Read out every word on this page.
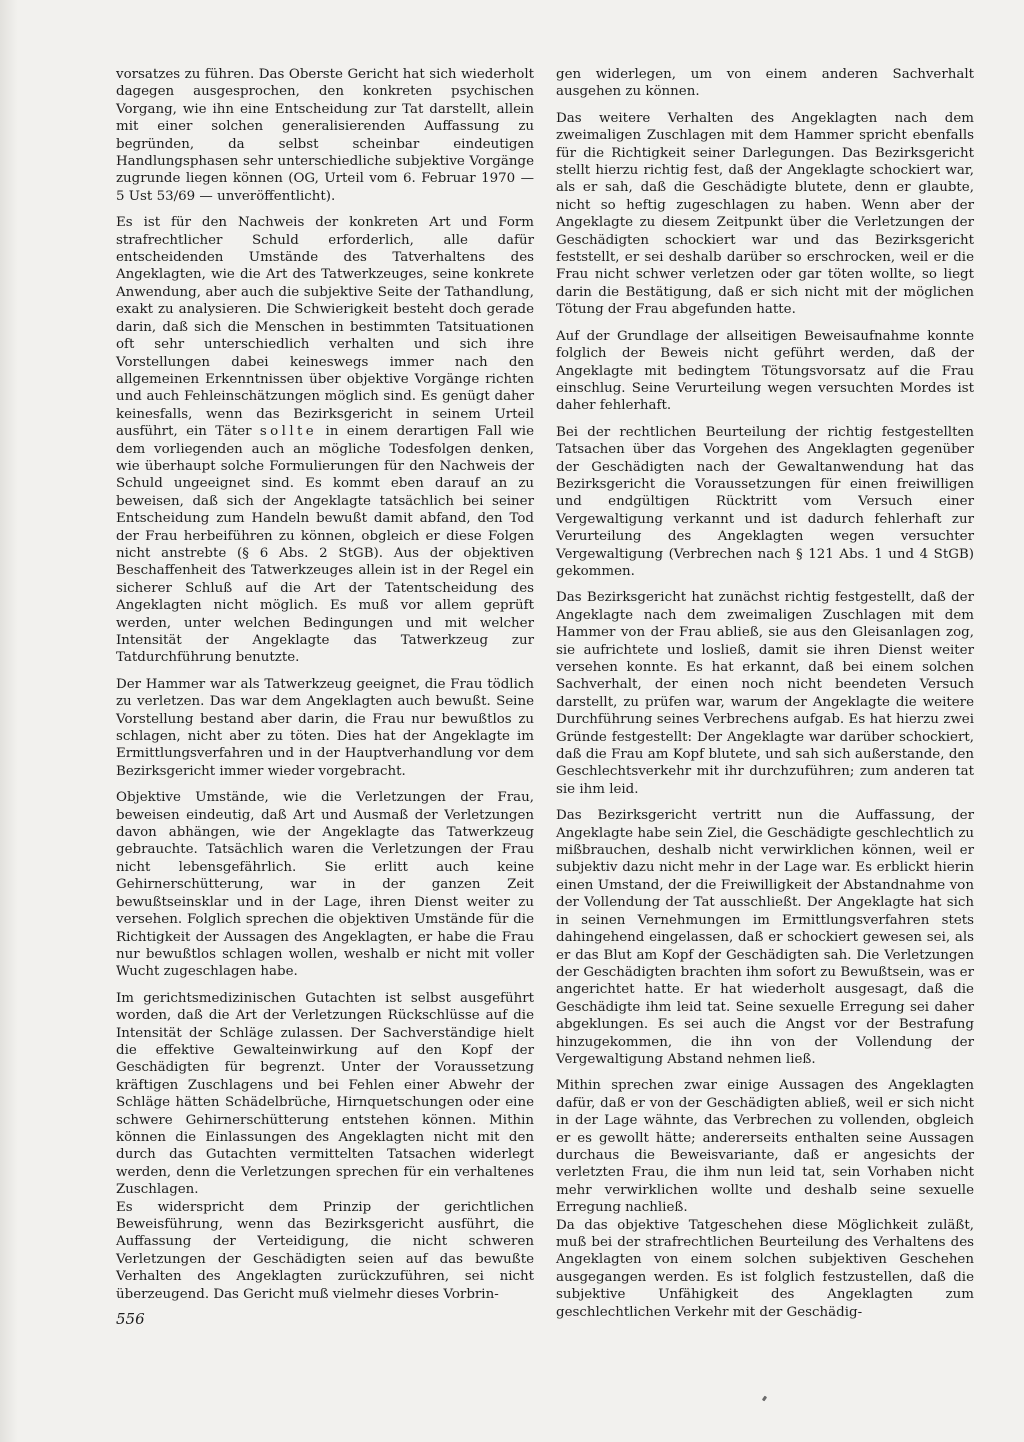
vorsatzes zu führen. Das Oberste Gericht hat sich wiederholt dagegen ausgesprochen, den konkreten psychischen Vorgang, wie ihn eine Entscheidung zur Tat darstellt, allein mit einer solchen generalisierenden Auffassung zu begründen, da selbst scheinbar eindeutigen Handlungsphasen sehr unterschiedliche subjektive Vorgänge zugrunde liegen können (OG, Urteil vom 6. Februar 1970 — 5 Ust 53/69 — unveröffentlicht).

Es ist für den Nachweis der konkreten Art und Form strafrechtlicher Schuld erforderlich, alle dafür entscheidenden Umstände des Tatverhaltens des Angeklagten, wie die Art des Tatwerkzeuges, seine konkrete Anwendung, aber auch die subjektive Seite der Tathandlung, exakt zu analysieren. Die Schwierigkeit besteht doch gerade darin, daß sich die Menschen in bestimmten Tatsituationen oft sehr unterschiedlich verhalten und sich ihre Vorstellungen dabei keineswegs immer nach den allgemeinen Erkenntnissen über objektive Vorgänge richten und auch Fehleinschätzungen möglich sind. Es genügt daher keinesfalls, wenn das Bezirksgericht in seinem Urteil ausführt, ein Täter sollte in einem derartigen Fall wie dem vorliegenden auch an mögliche Todesfolgen denken, wie überhaupt solche Formulierungen für den Nachweis der Schuld ungeeignet sind. Es kommt eben darauf an zu beweisen, daß sich der Angeklagte tatsächlich bei seiner Entscheidung zum Handeln bewußt damit abfand, den Tod der Frau herbeiführen zu können, obgleich er diese Folgen nicht anstrebte (§ 6 Abs. 2 StGB). Aus der objektiven Beschaffenheit des Tatwerkzeuges allein ist in der Regel ein sicherer Schluß auf die Art der Tatentscheidung des Angeklagten nicht möglich. Es muß vor allem geprüft werden, unter welchen Bedingungen und mit welcher Intensität der Angeklagte das Tatwerkzeug zur Tatdurchführung benutzte.

Der Hammer war als Tatwerkzeug geeignet, die Frau tödlich zu verletzen. Das war dem Angeklagten auch bewußt. Seine Vorstellung bestand aber darin, die Frau nur bewußtlos zu schlagen, nicht aber zu töten. Dies hat der Angeklagte im Ermittlungsverfahren und in der Hauptverhandlung vor dem Bezirksgericht immer wieder vorgebracht.

Objektive Umstände, wie die Verletzungen der Frau, beweisen eindeutig, daß Art und Ausmaß der Verletzungen davon abhängen, wie der Angeklagte das Tatwerkzeug gebrauchte. Tatsächlich waren die Verletzungen der Frau nicht lebensgefährlich. Sie erlitt auch keine Gehirnerschütterung, war in der ganzen Zeit bewußtseinsklar und in der Lage, ihren Dienst weiter zu versehen. Folglich sprechen die objektiven Umstände für die Richtigkeit der Aussagen des Angeklagten, er habe die Frau nur bewußtlos schlagen wollen, weshalb er nicht mit voller Wucht zugeschlagen habe.

Im gerichtsmedizinischen Gutachten ist selbst ausgeführt worden, daß die Art der Verletzungen Rückschlüsse auf die Intensität der Schläge zulassen. Der Sachverständige hielt die effektive Gewalteinwirkung auf den Kopf der Geschädigten für begrenzt. Unter der Voraussetzung kräftigen Zuschlagens und bei Fehlen einer Abwehr der Schläge hätten Schädelbrüche, Hirnquetschungen oder eine schwere Gehirnerschütterung entstehen können. Mithin können die Einlassungen des Angeklagten nicht mit den durch das Gutachten vermittelten Tatsachen widerlegt werden, denn die Verletzungen sprechen für ein verhaltenes Zuschlagen.

Es widerspricht dem Prinzip der gerichtlichen Beweisführung, wenn das Bezirksgericht ausführt, die Auffassung der Verteidigung, die nicht schweren Verletzungen der Geschädigten seien auf das bewußte Verhalten des Angeklagten zurückzuführen, sei nicht überzeugend. Das Gericht muß vielmehr dieses Vorbrin-

gen widerlegen, um von einem anderen Sachverhalt ausgehen zu können.

Das weitere Verhalten des Angeklagten nach dem zweimaligen Zuschlagen mit dem Hammer spricht ebenfalls für die Richtigkeit seiner Darlegungen. Das Bezirksgericht stellt hierzu richtig fest, daß der Angeklagte schockiert war, als er sah, daß die Geschädigte blutete, denn er glaubte, nicht so heftig zugeschlagen zu haben. Wenn aber der Angeklagte zu diesem Zeitpunkt über die Verletzungen der Geschädigten schockiert war und das Bezirksgericht feststellt, er sei deshalb darüber so erschrocken, weil er die Frau nicht schwer verletzen oder gar töten wollte, so liegt darin die Bestätigung, daß er sich nicht mit der möglichen Tötung der Frau abgefunden hatte.

Auf der Grundlage der allseitigen Beweisaufnahme konnte folglich der Beweis nicht geführt werden, daß der Angeklagte mit bedingtem Tötungsvorsatz auf die Frau einschlug. Seine Verurteilung wegen versuchten Mordes ist daher fehlerhaft.

Bei der rechtlichen Beurteilung der richtig festgestellten Tatsachen über das Vorgehen des Angeklagten gegenüber der Geschädigten nach der Gewaltanwendung hat das Bezirksgericht die Voraussetzungen für einen freiwilligen und endgültigen Rücktritt vom Versuch einer Vergewaltigung verkannt und ist dadurch fehlerhaft zur Verurteilung des Angeklagten wegen versuchter Vergewaltigung (Verbrechen nach § 121 Abs. 1 und 4 StGB) gekommen.

Das Bezirksgericht hat zunächst richtig festgestellt, daß der Angeklagte nach dem zweimaligen Zuschlagen mit dem Hammer von der Frau abließ, sie aus den Gleisanlagen zog, sie aufrichtete und losließ, damit sie ihren Dienst weiter versehen konnte. Es hat erkannt, daß bei einem solchen Sachverhalt, der einen noch nicht beendeten Versuch darstellt, zu prüfen war, warum der Angeklagte die weitere Durchführung seines Verbrechens aufgab. Es hat hierzu zwei Gründe festgestellt: Der Angeklagte war darüber schockiert, daß die Frau am Kopf blutete, und sah sich außerstande, den Geschlechtsverkehr mit ihr durchzuführen; zum anderen tat sie ihm leid.

Das Bezirksgericht vertritt nun die Auffassung, der Angeklagte habe sein Ziel, die Geschädigte geschlechtlich zu mißbrauchen, deshalb nicht verwirklichen können, weil er subjektiv dazu nicht mehr in der Lage war. Es erblickt hierin einen Umstand, der die Freiwilligkeit der Abstandnahme von der Vollendung der Tat ausschließt. Der Angeklagte hat sich in seinen Vernehmungen im Ermittlungsverfahren stets dahingehend eingelassen, daß er schockiert gewesen sei, als er das Blut am Kopf der Geschädigten sah. Die Verletzungen der Geschädigten brachten ihm sofort zu Bewußtsein, was er angerichtet hatte. Er hat wiederholt ausgesagt, daß die Geschädigte ihm leid tat. Seine sexuelle Erregung sei daher abgeklungen. Es sei auch die Angst vor der Bestrafung hinzugekommen, die ihn von der Vollendung der Vergewaltigung Abstand nehmen ließ.

Mithin sprechen zwar einige Aussagen des Angeklagten dafür, daß er von der Geschädigten abließ, weil er sich nicht in der Lage wähnte, das Verbrechen zu vollenden, obgleich er es gewollt hätte; andererseits enthalten seine Aussagen durchaus die Beweisvariante, daß er angesichts der verletzten Frau, die ihm nun leid tat, sein Vorhaben nicht mehr verwirklichen wollte und deshalb seine sexuelle Erregung nachließ.

Da das objektive Tatgeschehen diese Möglichkeit zuläßt, muß bei der strafrechtlichen Beurteilung des Verhaltens des Angeklagten von einem solchen subjektiven Geschehen ausgegangen werden. Es ist folglich festzustellen, daß die subjektive Unfähigkeit des Angeklagten zum geschlechtlichen Verkehr mit der Geschädig-

556
